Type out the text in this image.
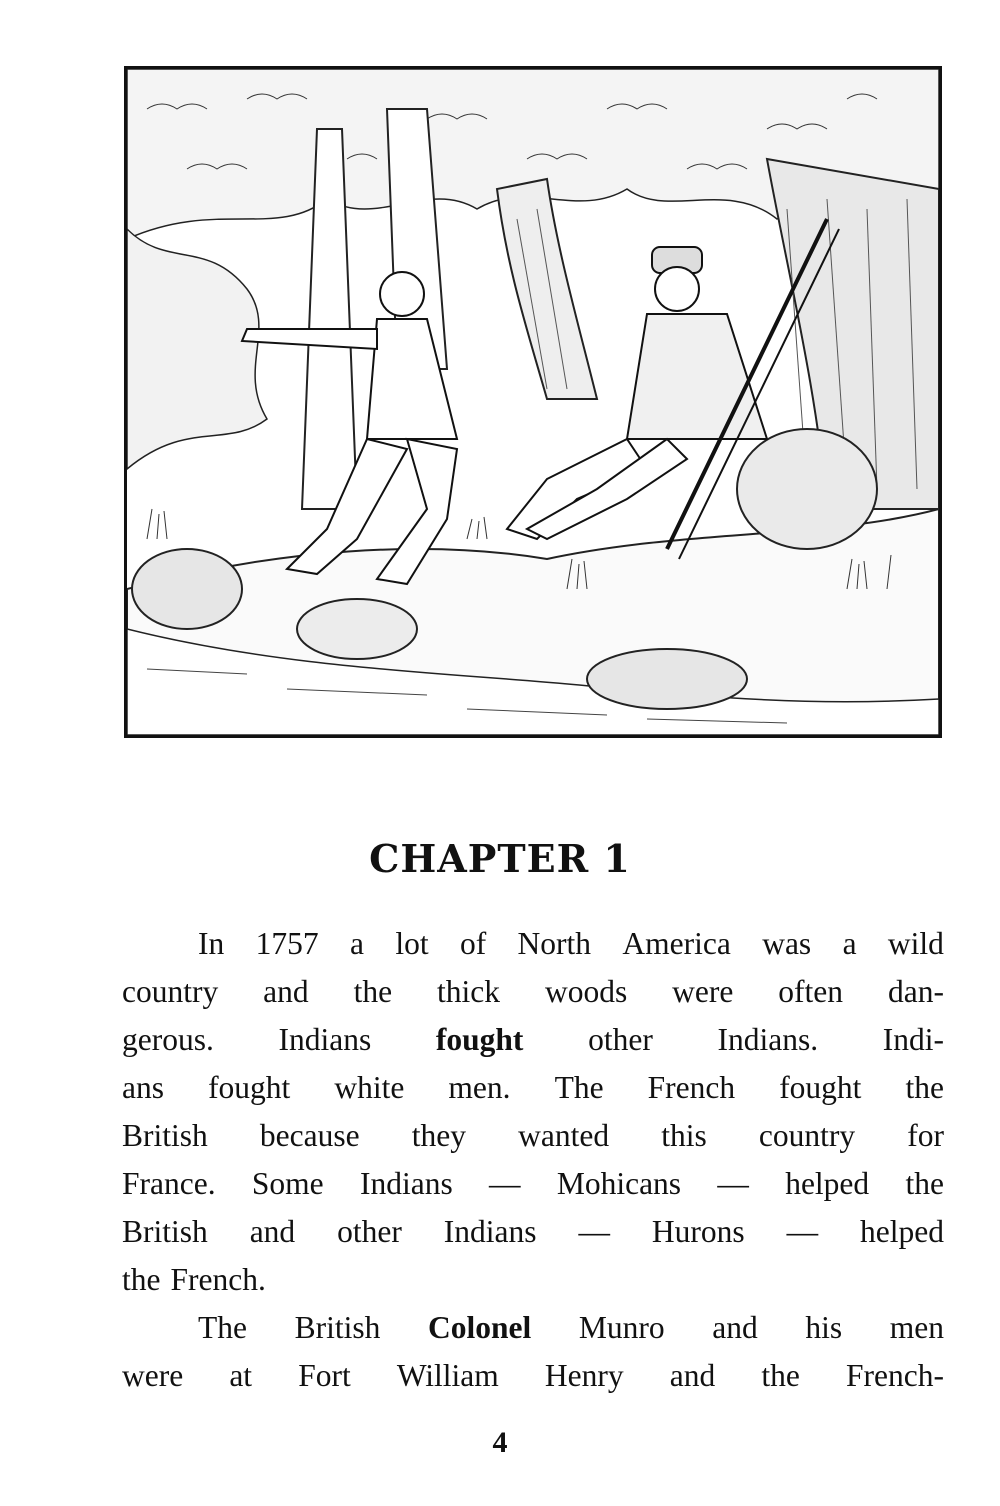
CHAPTER 1
In 1757 a lot of North America was a wild
country and the thick woods were often dan-
gerous. Indians fought other Indians. Indi-
ans fought white men. The French fought the
British because they wanted this country for
France. Some Indians — Mohicans — helped the
British and other Indians — Hurons — helped
the French.
The British Colonel Munro and his men
were at Fort William Henry and the French-
4
